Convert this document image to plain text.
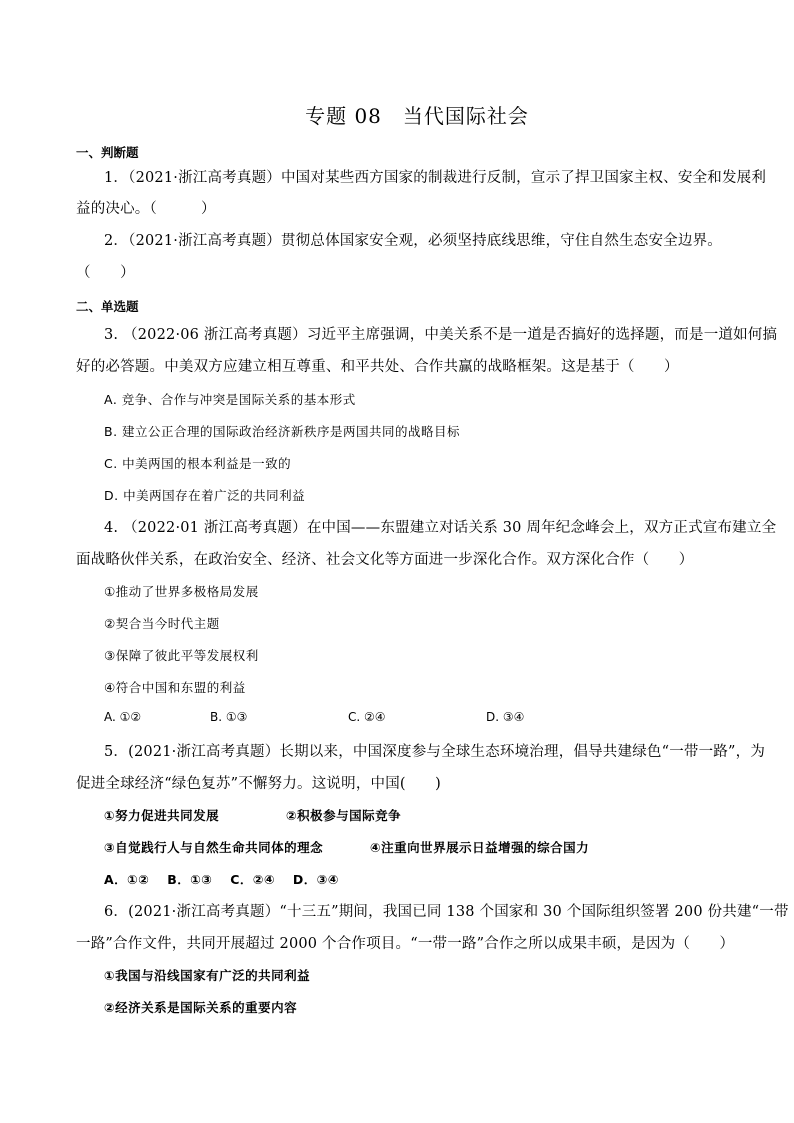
专题 08　当代国际社会
一、判断题
1．（2021·浙江高考真题）中国对某些西方国家的制裁进行反制，宣示了捍卫国家主权、安全和发展利
益的决心。（　　　）
2．（2021·浙江高考真题）贯彻总体国家安全观，必须坚持底线思维，守住自然生态安全边界。
（　　）
二、单选题
3. （2022·06 浙江高考真题）习近平主席强调，中美关系不是一道是否搞好的选择题，而是一道如何搞
好的必答题。中美双方应建立相互尊重、和平共处、合作共赢的战略框架。这是基于（　　）
A. 竞争、合作与冲突是国际关系的基本形式
B. 建立公正合理的国际政治经济新秩序是两国共同的战略目标
C. 中美两国的根本利益是一致的
D. 中美两国存在着广泛的共同利益
4. （2022·01 浙江高考真题）在中国——东盟建立对话关系 30 周年纪念峰会上，双方正式宣布建立全
面战略伙伴关系，在政治安全、经济、社会文化等方面进一步深化合作。双方深化合作（　　）
①推动了世界多极格局发展
②契合当今时代主题
③保障了彼此平等发展权利
④符合中国和东盟的利益
A. ①②	B. ①③	C. ②④	D. ③④
5．(2021·浙江高考真题）长期以来，中国深度参与全球生态环境治理，倡导共建绿色“一带一路”，为
促进全球经济“绿色复苏”不懈努力。这说明，中国(　　)
①努力促进共同发展	②积极参与国际竞争
③自觉践行人与自然生命共同体的理念	④注重向世界展示日益增强的综合国力
A．①②　 B．①③　 C．②④　 D．③④
6．(2021·浙江高考真题）“十三五”期间，我国已同 138 个国家和 30 个国际组织签署 200 份共建“一带
一路”合作文件，共同开展超过 2000 个合作项目。“一带一路”合作之所以成果丰硕，是因为（　　）
①我国与沿线国家有广泛的共同利益
②经济关系是国际关系的重要内容
